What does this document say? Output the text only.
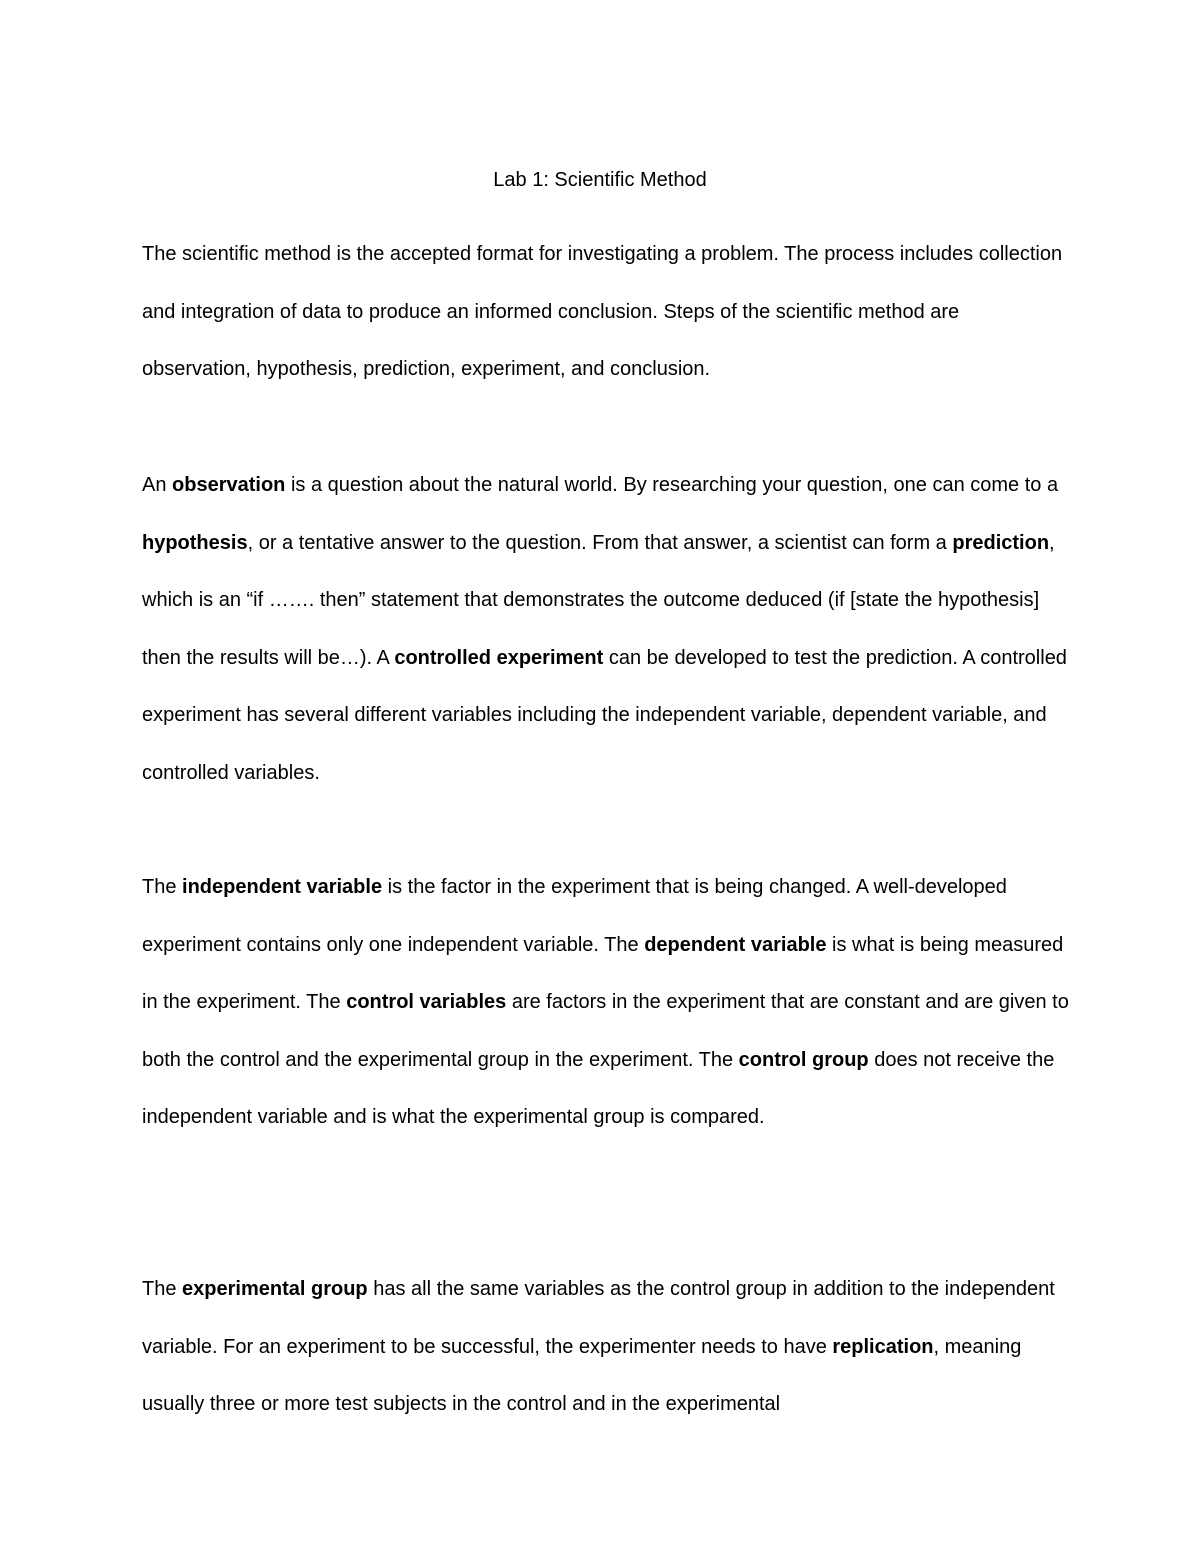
Lab 1: Scientific Method
The scientific method is the accepted format for investigating a problem. The process includes collection and integration of data to produce an informed conclusion. Steps of the scientific method are observation, hypothesis, prediction, experiment, and conclusion.
An observation is a question about the natural world. By researching your question, one can come to a hypothesis, or a tentative answer to the question. From that answer, a scientist can form a prediction, which is an “if ……. then” statement that demonstrates the outcome deduced (if [state the hypothesis] then the results will be…). A controlled experiment can be developed to test the prediction. A controlled experiment has several different variables including the independent variable, dependent variable, and controlled variables.
The independent variable is the factor in the experiment that is being changed. A well-developed experiment contains only one independent variable. The dependent variable is what is being measured in the experiment. The control variables are factors in the experiment that are constant and are given to both the control and the experimental group in the experiment. The control group does not receive the independent variable and is what the experimental group is compared.
The experimental group has all the same variables as the control group in addition to the independent variable. For an experiment to be successful, the experimenter needs to have replication, meaning usually three or more test subjects in the control and in the experimental
